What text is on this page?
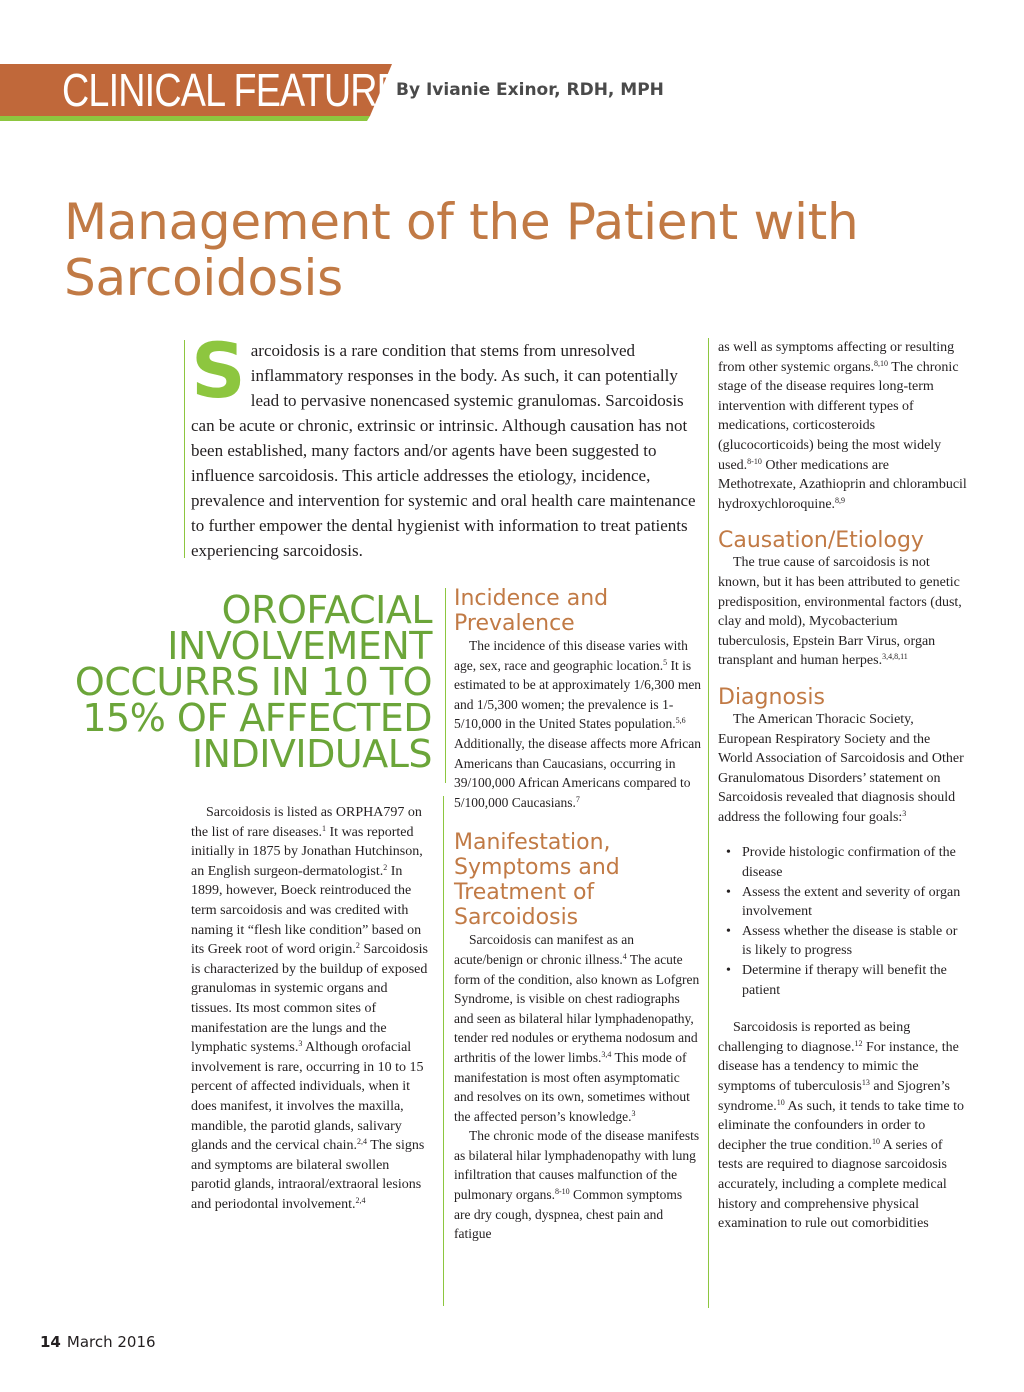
CLINICAL FEATURE
By Ivianie Exinor, RDH, MPH
Management of the Patient with Sarcoidosis
Sarcoidosis is a rare condition that stems from unresolved inflammatory responses in the body. As such, it can potentially lead to pervasive nonencased systemic granulomas. Sarcoidosis can be acute or chronic, extrinsic or intrinsic. Although causation has not been established, many factors and/or agents have been suggested to influence sarcoidosis. This article addresses the etiology, incidence, prevalence and intervention for systemic and oral health care maintenance to further empower the dental hygienist with information to treat patients experiencing sarcoidosis.
OROFACIAL INVOLVEMENT OCCURRS IN 10 TO 15% OF AFFECTED INDIVIDUALS

Sarcoidosis is listed as ORPHA797 on the list of rare diseases.$^1$ It was reported initially in 1875 by Jonathan Hutchinson, an English surgeon-dermatologist.$^2$ In 1899, however, Boeck reintroduced the term sarcoidosis and was credited with naming it “flesh like condition” based on its Greek root of word origin.$^2$ Sarcoidosis is characterized by the buildup of exposed granulomas in systemic organs and tissues. Its most common sites of manifestation are the lungs and the lymphatic systems.$^3$ Although orofacial involvement is rare, occurring in 10 to 15 percent of affected individuals, when it does manifest, it involves the maxilla, mandible, the parotid glands, salivary glands and the cervical chain.$^{2,4}$ The signs and symptoms are bilateral swollen parotid glands, intraoral/extraoral lesions and periodontal involvement.$^{2,4}$

Incidence and Prevalence

The incidence of this disease varies with age, sex, race and geographic location.$^5$ It is estimated to be at approximately 1/6,300 men and 1/5,300 women; the prevalence is 1-5/10,000 in the United States population.$^{5,6}$ Additionally, the disease affects more African Americans than Caucasians, occurring in 39/100,000 African Americans compared to 5/100,000 Caucasians.$^7$

Manifestation, Symptoms and Treatment of Sarcoidosis

Sarcoidosis can manifest as an acute/benign or chronic illness.$^4$ The acute form of the condition, also known as Lofgren Syndrome, is visible on chest radiographs and seen as bilateral hilar lymphadenopathy, tender red nodules or erythema nodosum and arthritis of the lower limbs.$^{3,4}$ This mode of manifestation is most often asymptomatic and resolves on its own, sometimes without the affected person’s knowledge.$^3$

The chronic mode of the disease manifests as bilateral hilar lymphadenopathy with lung infiltration that causes malfunction of the pulmonary organs.$^{8-10}$ Common symptoms are dry cough, dyspnea, chest pain and fatigue

as well as symptoms affecting or resulting from other systemic organs.$^{8,10}$ The chronic stage of the disease requires long-term intervention with different types of medications, corticosteroids (glucocorticoids) being the most widely used.$^{8-10}$ Other medications are Methotrexate, Azathioprin and chlorambucil hydroxychloroquine.$^{8,9}$

Causation/Etiology

The true cause of sarcoidosis is not known, but it has been attributed to genetic predisposition, environmental factors (dust, clay and mold), Mycobacterium tuberculosis, Epstein Barr Virus, organ transplant and human herpes.$^{3,4,8,11}$

Diagnosis

The American Thoracic Society, European Respiratory Society and the World Association of Sarcoidosis and Other Granulomatous Disorders’ statement on Sarcoidosis revealed that diagnosis should address the following four goals:$^3$

• Provide histologic confirmation of the disease
• Assess the extent and severity of organ involvement
• Assess whether the disease is stable or is likely to progress
• Determine if therapy will benefit the patient

Sarcoidosis is reported as being challenging to diagnose.$^{12}$ For instance, the disease has a tendency to mimic the symptoms of tuberculosis$^{13}$ and Sjogren’s syndrome.$^{10}$ As such, it tends to take time to eliminate the confounders in order to decipher the true condition.$^{10}$ A series of tests are required to diagnose sarcoidosis accurately, including a complete medical history and comprehensive physical examination to rule out comorbidities

14 March 2016
